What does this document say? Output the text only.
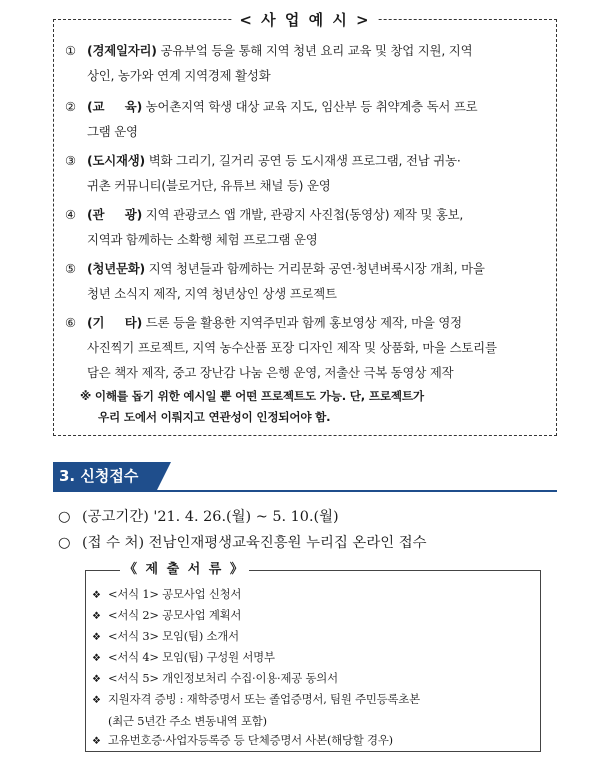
< 사 업 예 시 >
① (경제일자리) 공유부엌 등을 통해 지역 청년 요리 교육 및 창업 지원, 지역
상인, 농가와 연계 지역경제 활성화
② (교     육) 농어촌지역 학생 대상 교육 지도, 임산부 등 취약계층 독서 프로
그램 운영
③ (도시재생) 벽화 그리기, 길거리 공연 등 도시재생 프로그램, 전남 귀농·
귀촌 커뮤니티(블로거단, 유튜브 채널 등) 운영
④ (관     광) 지역 관광코스 앱 개발, 관광지 사진첩(동영상) 제작 및 홍보,
지역과 함께하는 소확행 체험 프로그램 운영
⑤ (청년문화) 지역 청년들과 함께하는 거리문화 공연·청년벼룩시장 개최, 마을
청년 소식지 제작, 지역 청년상인 상생 프로젝트
⑥ (기     타) 드론 등을 활용한 지역주민과 함께 홍보영상 제작, 마을 영정
사진찍기 프로젝트, 지역 농수산품 포장 디자인 제작 및 상품화, 마을 스토리를
담은 책자 제작, 중고 장난감 나눔 은행 운영, 저출산 극복 동영상 제작
※ 이해를 돕기 위한 예시일 뿐 어떤 프로젝트도 가능. 단, 프로젝트가
우리 도에서 이뤄지고 연관성이 인정되어야 함.
3. 신청접수
○ (공고기간) '21. 4. 26.(월) ~ 5. 10.(월)
○ (접 수 처) 전남인재평생교육진흥원 누리집 온라인 접수
《 제 출 서 류 》
❖ <서식 1> 공모사업 신청서
❖ <서식 2> 공모사업 계획서
❖ <서식 3> 모임(팀) 소개서
❖ <서식 4> 모임(팀) 구성원 서명부
❖ <서식 5> 개인정보처리 수집·이용·제공 동의서
❖ 지원자격 증빙 : 재학증명서 또는 졸업증명서, 팀원 주민등록초본
(최근 5년간 주소 변동내역 포함)
❖ 고유번호증·사업자등록증 등 단체증명서 사본(해당할 경우)
